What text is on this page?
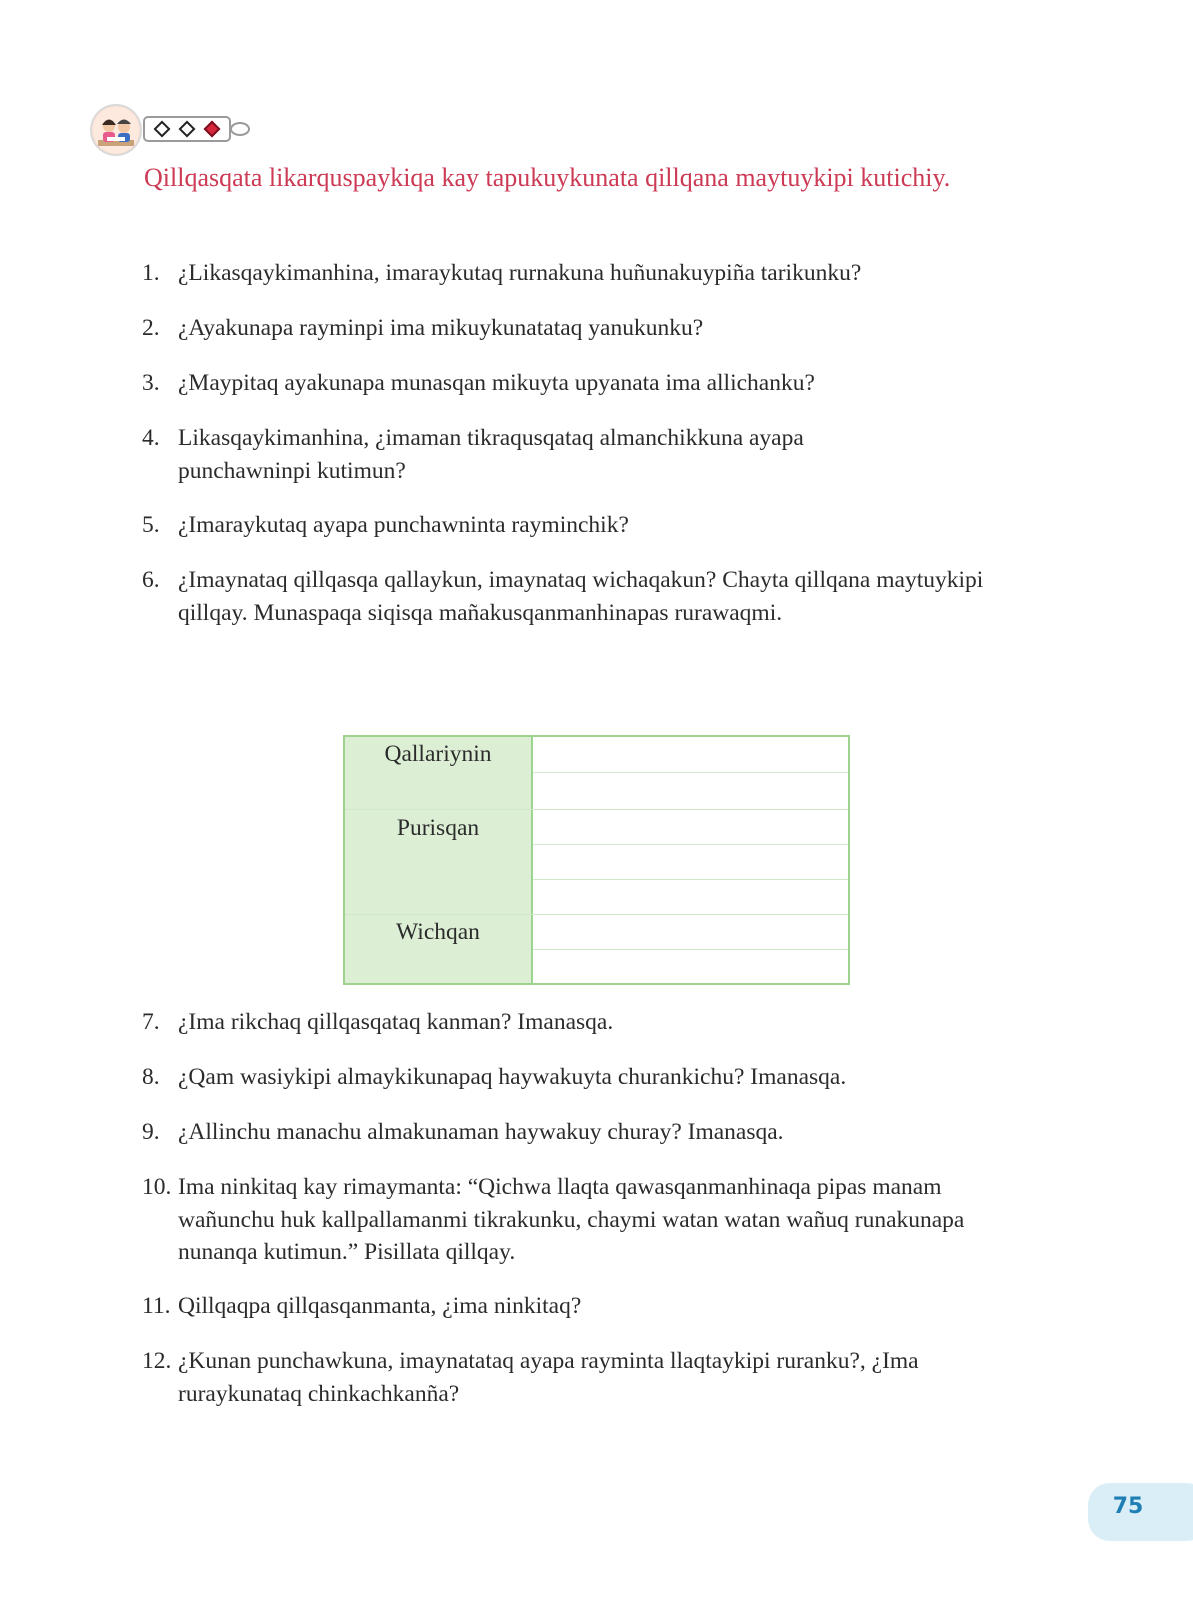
Qillqasqata likarquspaykiqa kay tapukuykunata qillqana maytuykipi kutichiy.
1. ¿Likasqaykimanhina, imaraykutaq rurnakuna huñunakuypiña tarikunku?
2. ¿Ayakunapa rayminpi ima mikuykunatataq yanukunku?
3. ¿Maypitaq ayakunapa munasqan mikuyta upyanata ima allichanku?
4. Likasqaykimanhina, ¿imaman tikraqusqataq almanchikkuna ayapa punchawninpi kutimun?
5. ¿Imaraykutaq ayapa punchawninta rayminchik?
6. ¿Imaynataq qillqasqa qallaykun, imaynataq wichaqakun? Chayta qillqana maytuykipi qillqay. Munaspaqa siqisqa mañakusqanmanhinapas rurawaqmi.
Qallariynin
Purisqan
Wichqan
7. ¿Ima rikchaq qillqasqataq kanman? Imanasqa.
8. ¿Qam wasiykipi almaykikunapaq haywakuyta churankichu? Imanasqa.
9. ¿Allinchu manachu almakunaman haywakuy churay? Imanasqa.
10. Ima ninkitaq kay rimaymanta: “Qichwa llaqta qawasqanmanhinaqa pipas manam wañunchu huk kallpallamanmi tikrakunku, chaymi watan watan wañuq runakunapa nunanqa kutimun.” Pisillata qillqay.
11. Qillqaqpa qillqasqanmanta, ¿ima ninkitaq?
12. ¿Kunan punchawkuna, imaynatataq ayapa rayminta llaqtaykipi ruranku?, ¿Ima ruraykunataq chinkachkanña?
75
